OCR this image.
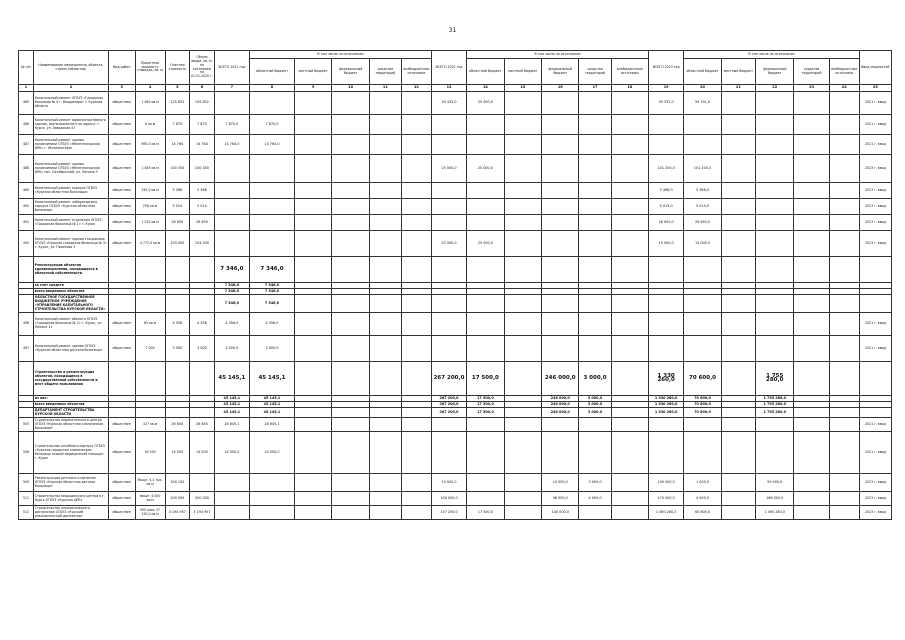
31
№ п/п	Наименование мероприятия, объекта, строек (объектов)	Вид работ	Проектная мощность площадь, кв. м	Сметная стоимость	Объем ввода, кв. м. по состоянию на 01.01.2020 г.	ВСЕГО 2021 год	В том числе по источникам					ВСЕГО 2022 год	В том числе по источникам					ВСЕГО 2023 год	В том числе по источникам					Ввод мощностей
							областной бюджет	местный бюджет	федеральный бюджет	средства территорий	внебюджетные источники		областной бюджет	местный бюджет	федеральный бюджет	средства территорий	внебюджетные источники		областной бюджет	местный бюджет	федеральный бюджет	средства территорий	внебюджетные источники	
1	2	3	4	5	6	7	8	9	10	11	12	13	14	15	16	17	18	19	20	21	22	23	24	25
485	Капитальный ремонт ОГБУЗ «Городская больница № 4 г. Владимира» г. Курская область	обществен	1 480 кв.м	125 852	105 852							59 432,0	25 000,0					59 331,0	59 331,0					2021 г. ввод
486	Капитальный ремонт административного здания, расположенного по адресу: г. Курск, ул. Заводская 47	обществен	6 кв.м	7 870	7 870	7 870,0	7 870,0																	2021 г. ввод
487	Капитальный ремонт здания поликлиники ОГБУЗ «Железногорская ЦРБ» г. Железногорск	обществен	965,0 кв.м	14 764	14 764	14 764,0	14 764,0																	2021 г. ввод
488	Капитальный ремонт здания поликлиники ОГБУЗ «Железногорская ЦРБ» пос. Октябрьский, ул. Ленина 3	обществен	1 485 кв.м	100 350	100 350							25 000,0	25 000,0					101 200,0	101 200,0					2023 г. ввод
489	Капитальный ремонт корпуса ОГБУЗ «Курская областная больница»	обществен	345,0 кв.м	5 366	5 366													5 366,0	5 366,0					2023 г. ввод
490	Капитальный ремонт лабораторного корпуса ОГБУЗ «Курская областная больница»	обществен	256 кв.м	5 014	5 014													5 014,0	5 014,0					2023 г. ввод
491	Капитальный ремонт отделения ОГБУЗ «Городская больница № 1» г. Курск	обществен	1 220 кв.м	26 650	26 650													26 650,0	26 650,0					2023 г. ввод
492	Капитальный ремонт здания стационара ОГБУЗ «Курская городская больница № 3» г. Курск, ул. Пирогова 3	обществен	4 772,0 кв.м	103 000	103 000							25 000,0	25 000,0					15 000,0	15 000,0					2023 г. ввод
	Реконструкция объектов здравоохранения, находящихся в областной собственности					7 346,0	7 346,0																	
	за счет средств					7 346,0	7 346,0																	
	всего введенных объектов					7 346,0	7 346,0																	
	ОБЛАСТНОЕ ГОСУДАРСТВЕННОЕ БЮДЖЕТНОЕ УЧРЕЖДЕНИЕ «УПРАВЛЕНИЕ КАПИТАЛЬНОГО СТРОИТЕЛЬСТВА КУРСКОЙ ОБЛАСТИ»					7 346,0	7 346,0																	
496	Капитальный ремонт объекта ОГБУЗ «Городская больница № 2» г. Курск, ул. Ленина 17	обществен	65 кв.м	4 356	4 356	4 356,0	4 356,0																	2021 г. ввод
497	Капитальный ремонт здания ОГБУЗ «Курская областная детская больница»	обществен	7 000	3 000	3 000	3 000,0	3 000,0																	2021 г. ввод
	Строительство и реконструкция объектов, находящихся в государственной собственности и мест общего пользования					45 145,1	45 145,1					267 200,0	17 500,0		246 000,0	3 000,0		1 330 260,0	70 600,0		1 755 280,0			
	из них:					45 145,1	45 145,1					267 200,0	17 500,0		246 000,0	3 000,0		1 330 260,0	70 600,0		1 755 280,0			
	всего введенных объектов					45 145,1	45 145,1					267 200,0	17 500,0		246 000,0	3 000,0		1 330 260,0	70 600,0		1 755 280,0			
	ДЕПАРТАМЕНТ СТРОИТЕЛЬСТВА КУРСКОЙ ОБЛАСТИ					45 145,1	45 145,1					267 200,0	17 500,0		246 000,0	3 000,0		1 330 260,0	70 600,0		1 755 280,0			
505	Строительство перинатального центра ОГБУЗ «Курская областная клиническая больница»	обществен	327 кв.м	26 645	26 645	26 645,1	26 645,1																	2021 г. ввод
506	Строительство лечебного корпуса ОГБУЗ «Курская городская клиническая больница скорой медицинской помощи» г. Курск	обществен	16 500	14 500	14 500	14 500,0	14 500,0																	2021 г. ввод
509	Реконструкция детского отделения ОГБУЗ «Курская областная детская больница»	обществен	Мощн. 4,1 тыс. кв.м	300 100								10 000,0			10 000,0	3 000,0		100 000,0	1 000,0		99 000,0			2023 г. ввод
511	Строительство медицинского центра в г. Курск ОГБУЗ «Курская ЦРБ»	обществен	мощн. 4 000 кв.м	200 000	200 000							100 000,0			96 000,0	4 000,0		170 000,0	4 000,0		166 000,0			2023 г. ввод
512	Строительство онкологического диспансера ОГБУЗ «Курский онкологический диспансер»	обществен	450 коек 37 120,0 кв.м	3 194 957	3 194 957							157 200,0	17 500,0		140 000,0			1 060 260,0	65 600,0		1 490 280,0			2023 г. ввод
